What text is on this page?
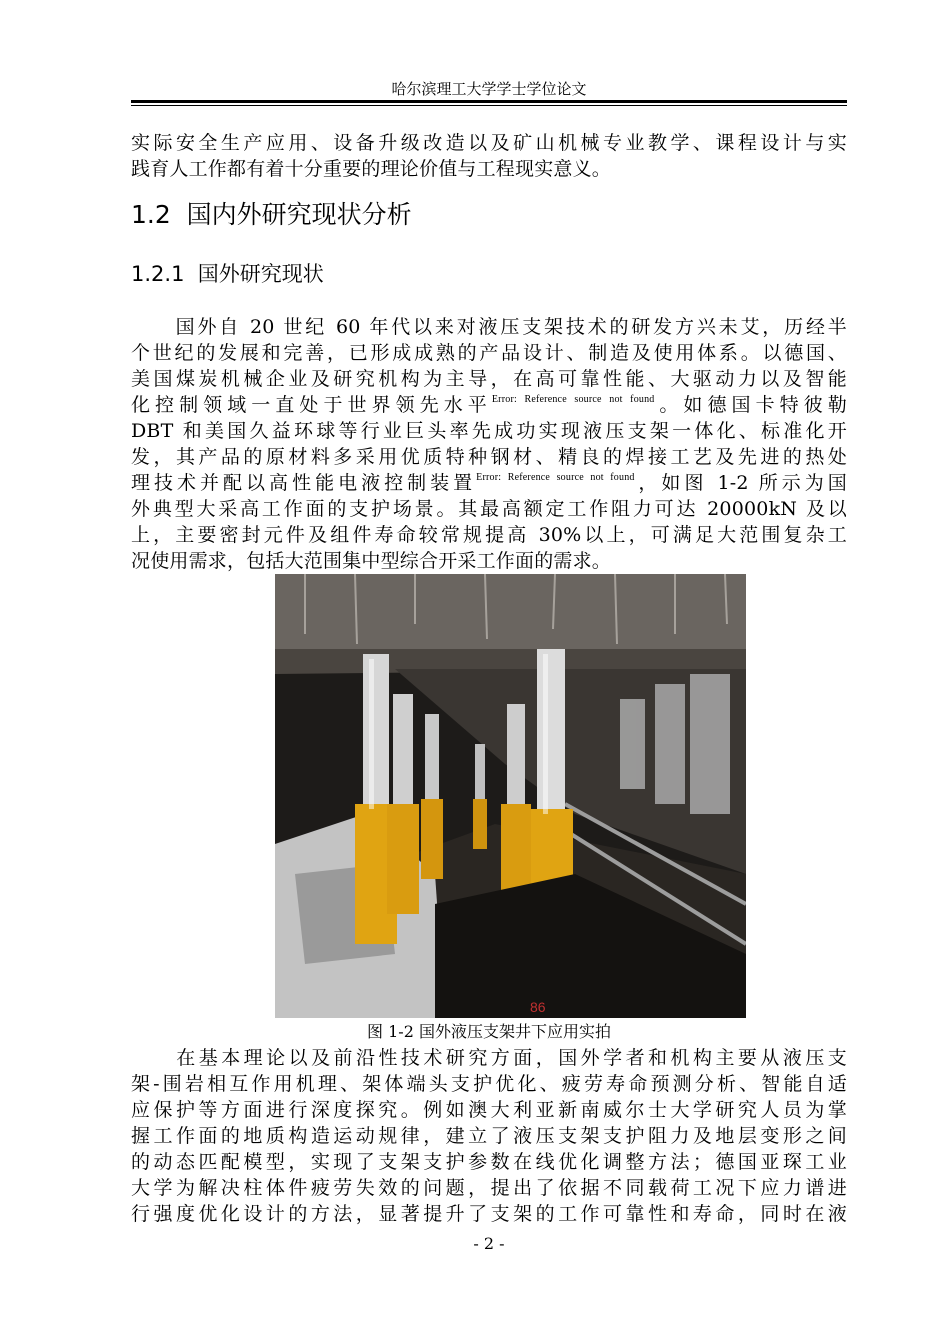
哈尔滨理工大学学士学位论文
实际安全生产应用、设备升级改造以及矿山机械专业教学、课程设计与实
践育人工作都有着十分重要的理论价值与工程现实意义。
1.2 国内外研究现状分析
1.2.1 国外研究现状
国外自 20 世纪 60 年代以来对液压支架技术的研发方兴未艾，历经半
个世纪的发展和完善，已形成成熟的产品设计、制造及使用体系。以德国、
美国煤炭机械企业及研究机构为主导，在高可靠性能、大驱动力以及智能
化控制领域一直处于世界领先水平$^{Error: Reference source not found}$。如德国卡特彼勒
DBT 和美国久益环球等行业巨头率先成功实现液压支架一体化、标准化开
发，其产品的原材料多采用优质特种钢材、精良的焊接工艺及先进的热处
理技术并配以高性能电液控制装置$^{Error: Reference source not found}$，如图 1-2 所示为国
外典型大采高工作面的支护场景。其最高额定工作阻力可达 20000kN 及以
上，主要密封元件及组件寿命较常规提高 30%以上，可满足大范围复杂工
况使用需求，包括大范围集中型综合开采工作面的需求。
86
图 1-2 国外液压支架井下应用实拍
在基本理论以及前沿性技术研究方面，国外学者和机构主要从液压支
架-围岩相互作用机理、架体端头支护优化、疲劳寿命预测分析、智能自适
应保护等方面进行深度探究。例如澳大利亚新南威尔士大学研究人员为掌
握工作面的地质构造运动规律，建立了液压支架支护阻力及地层变形之间
的动态匹配模型，实现了支架支护参数在线优化调整方法；德国亚琛工业
大学为解决柱体件疲劳失效的问题，提出了依据不同载荷工况下应力谱进
行强度优化设计的方法，显著提升了支架的工作可靠性和寿命，同时在液
- 2 -
